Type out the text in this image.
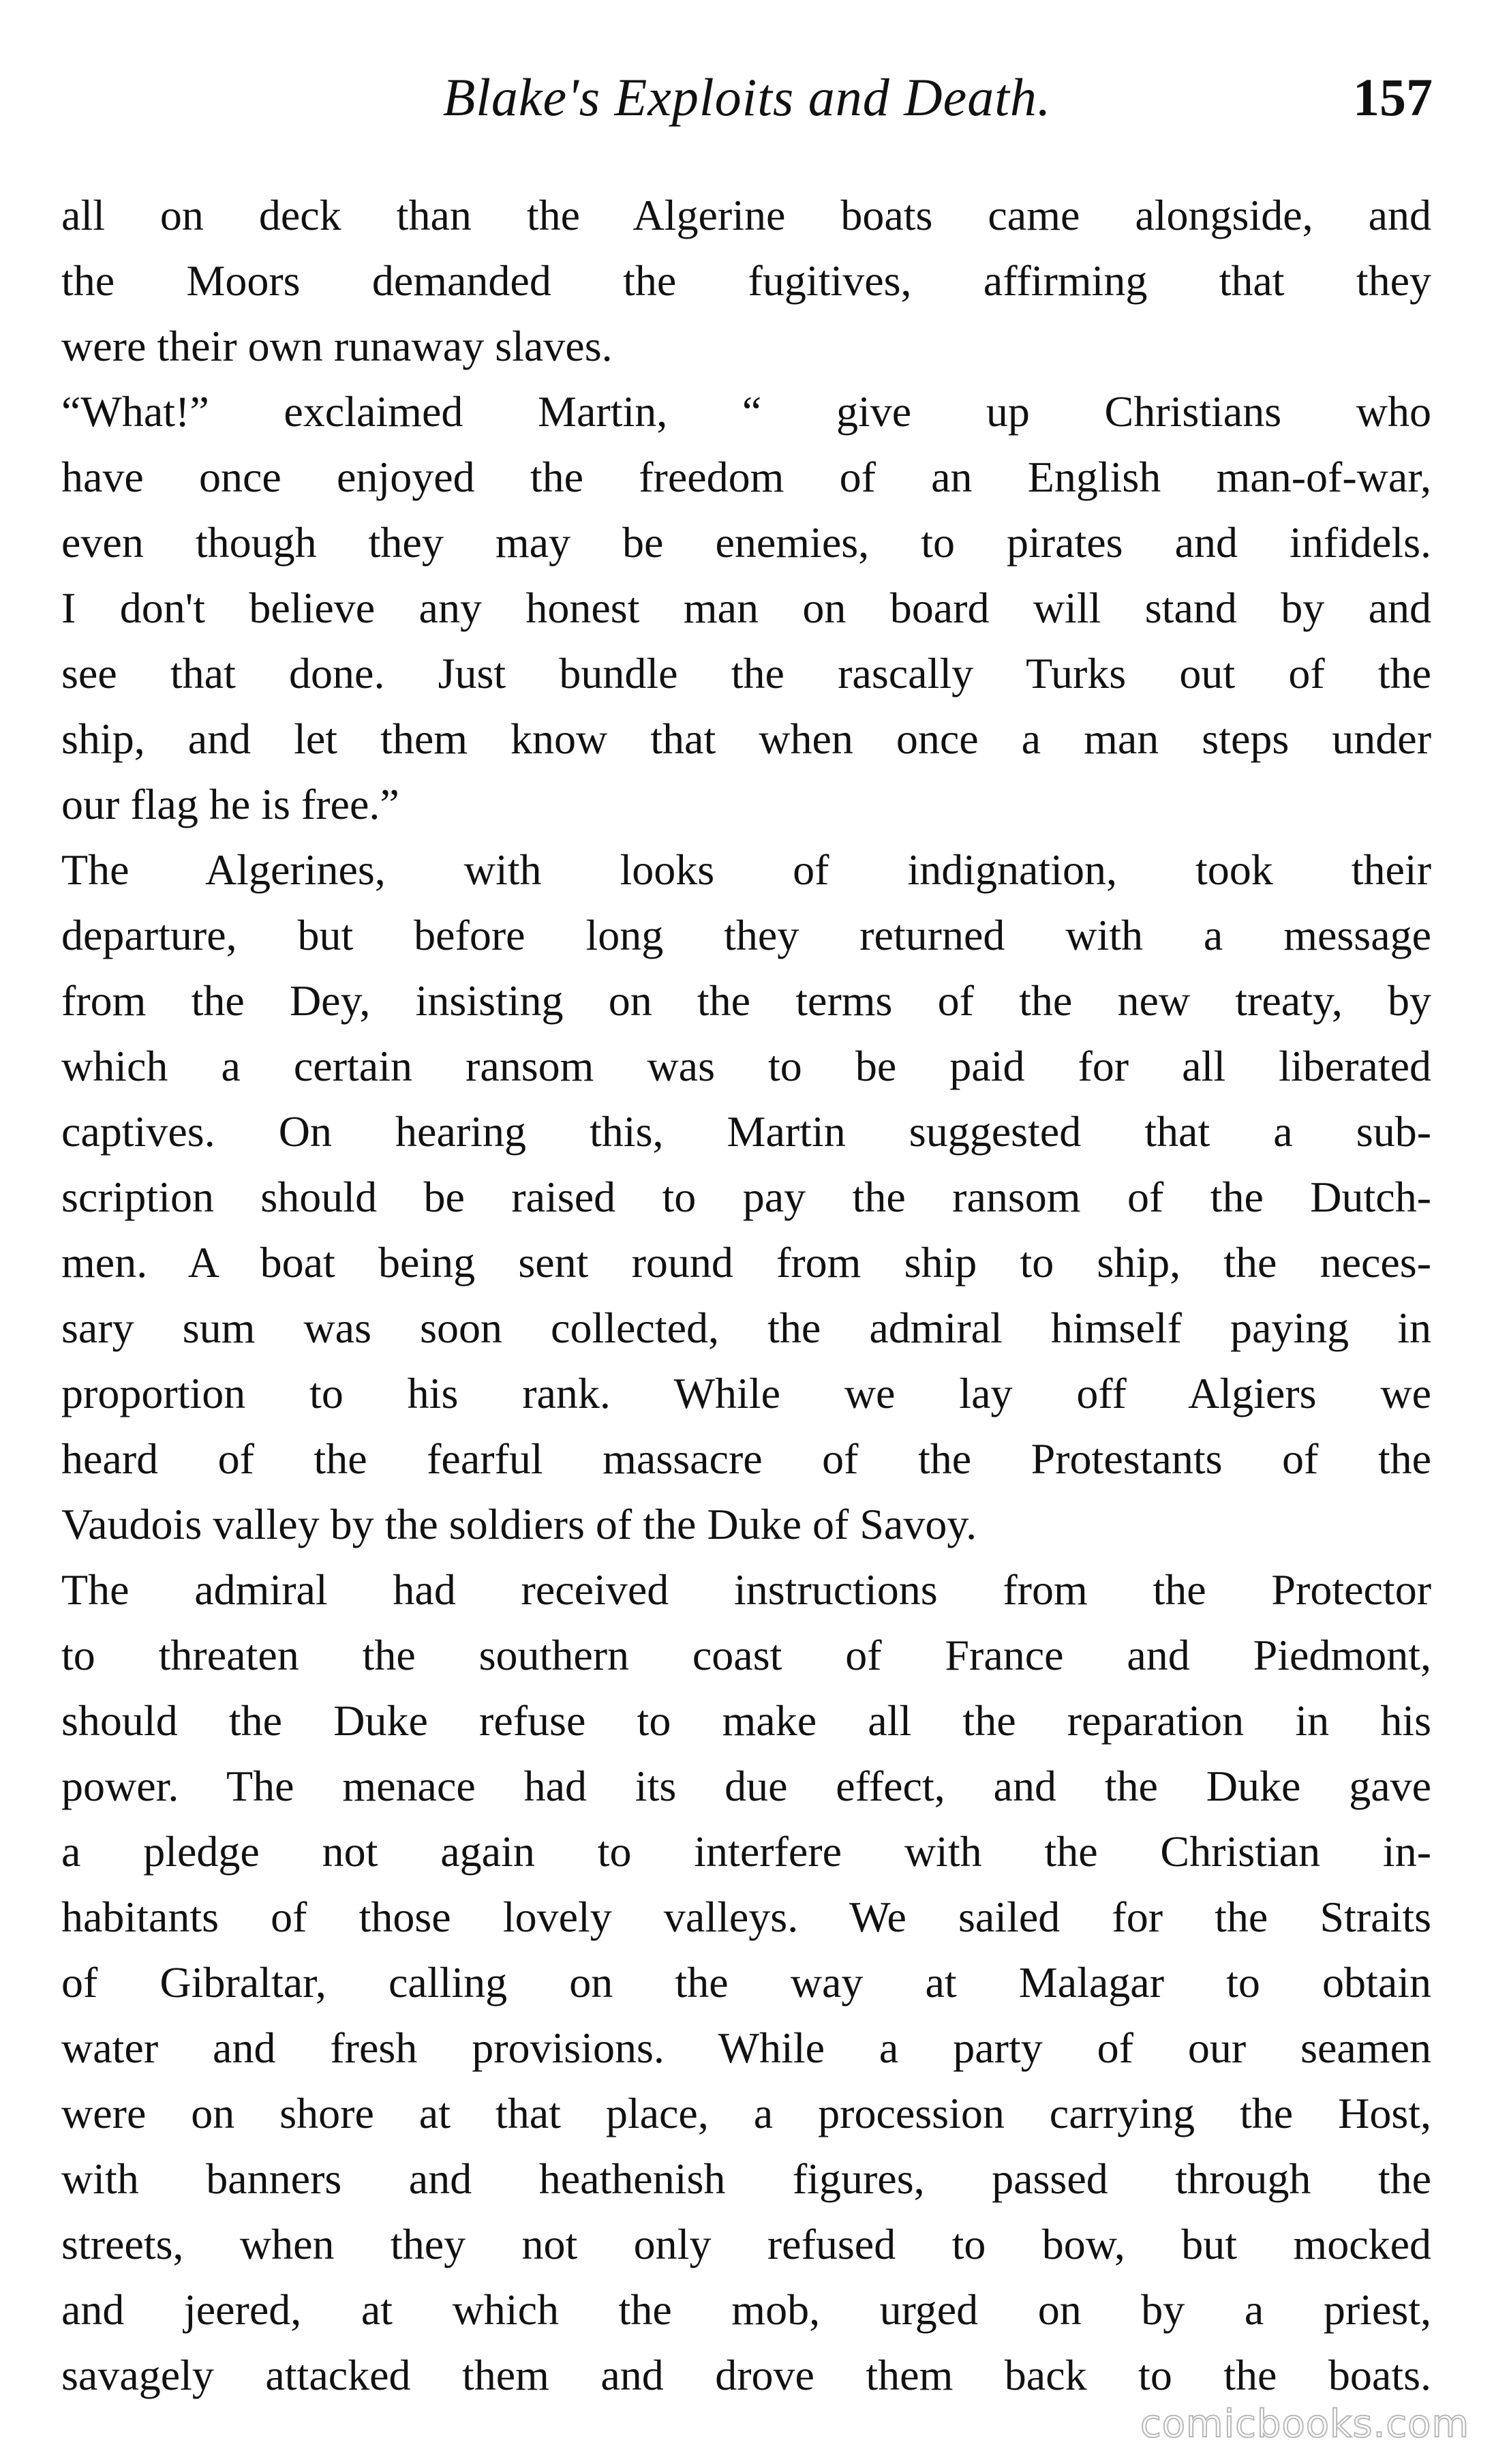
Blake's Exploits and Death.	157
all on deck than the Algerine boats came alongside, and
the Moors demanded the fugitives, affirming that they
were their own runaway slaves.
“What!” exclaimed Martin, “ give up Christians who
have once enjoyed the freedom of an English man-of-war,
even though they may be enemies, to pirates and infidels.
I don't believe any honest man on board will stand by and
see that done. Just bundle the rascally Turks out of the
ship, and let them know that when once a man steps under
our flag he is free.”
The Algerines, with looks of indignation, took their
departure, but before long they returned with a message
from the Dey, insisting on the terms of the new treaty, by
which a certain ransom was to be paid for all liberated
captives. On hearing this, Martin suggested that a sub-
scription should be raised to pay the ransom of the Dutch-
men. A boat being sent round from ship to ship, the neces-
sary sum was soon collected, the admiral himself paying in
proportion to his rank. While we lay off Algiers we
heard of the fearful massacre of the Protestants of the
Vaudois valley by the soldiers of the Duke of Savoy.
The admiral had received instructions from the Protector
to threaten the southern coast of France and Piedmont,
should the Duke refuse to make all the reparation in his
power. The menace had its due effect, and the Duke gave
a pledge not again to interfere with the Christian in-
habitants of those lovely valleys. We sailed for the Straits
of Gibraltar, calling on the way at Malagar to obtain
water and fresh provisions. While a party of our seamen
were on shore at that place, a procession carrying the Host,
with banners and heathenish figures, passed through the
streets, when they not only refused to bow, but mocked
and jeered, at which the mob, urged on by a priest,
savagely attacked them and drove them back to the boats.
comicbooks.com
